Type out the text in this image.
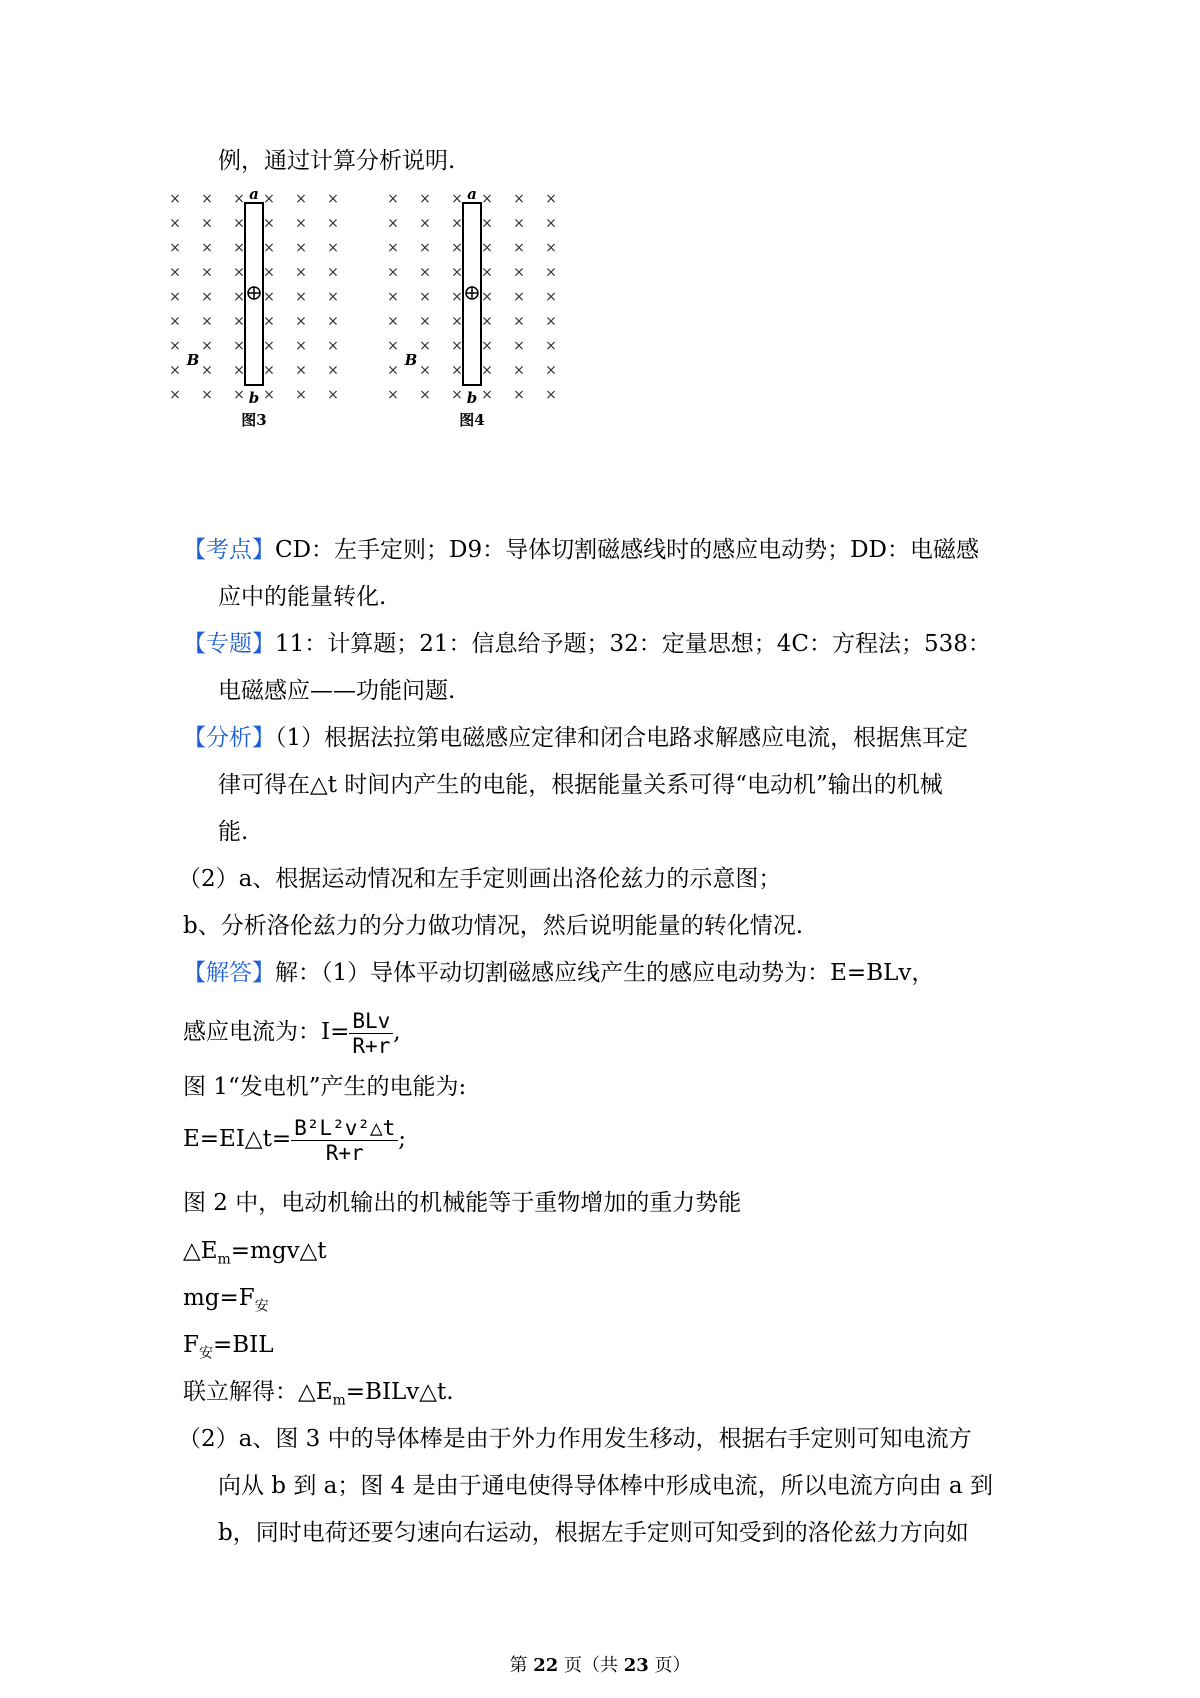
例，通过计算分析说明.
× × × × × ×
× × × × × ×
× × × × × ×
× × × × × ×
× × × × × ×
× × × × × ×
× × × × × ×
× × × × × ×
× × × × × ×
a
b
B
图3
× × × × × ×
× × × × × ×
× × × × × ×
× × × × × ×
× × × × × ×
× × × × × ×
× × × × × ×
× × × × × ×
× × × × × ×
a
b
B
图4
【考点】CD：左手定则；D9：导体切割磁感线时的感应电动势；DD：电磁感
应中的能量转化.
【专题】11：计算题；21：信息给予题；32：定量思想；4C：方程法；538：
电磁感应——功能问题.
【分析】（1）根据法拉第电磁感应定律和闭合电路求解感应电流，根据焦耳定
律可得在△t 时间内产生的电能，根据能量关系可得“电动机”输出的机械
能.
（2）a、根据运动情况和左手定则画出洛伦兹力的示意图；
b、分析洛伦兹力的分力做功情况，然后说明能量的转化情况.
【解答】解：（1）导体平动切割磁感应线产生的感应电动势为：E=BLv，
感应电流为：$I= \frac{\text{BLv}}{R+r}$ ,
图 1“发电机”产生的电能为:
E=EI△t= $\frac{\text{B²L²v²△t}}{R+r}$ ;
图 2 中，电动机输出的机械能等于重物增加的重力势能
$\triangle E_m=mgv\triangle t$
$mg=F_安$
$F_安=BIL$
联立解得：$\triangle E_m=BILv\triangle t$.
（2）a、图 3 中的导体棒是由于外力作用发生移动，根据右手定则可知电流方
向从 b 到 a；图 4 是由于通电使得导体棒中形成电流，所以电流方向由 a 到
b，同时电荷还要匀速向右运动，根据左手定则可知受到的洛伦兹力方向如
第 22 页（共 23 页）
